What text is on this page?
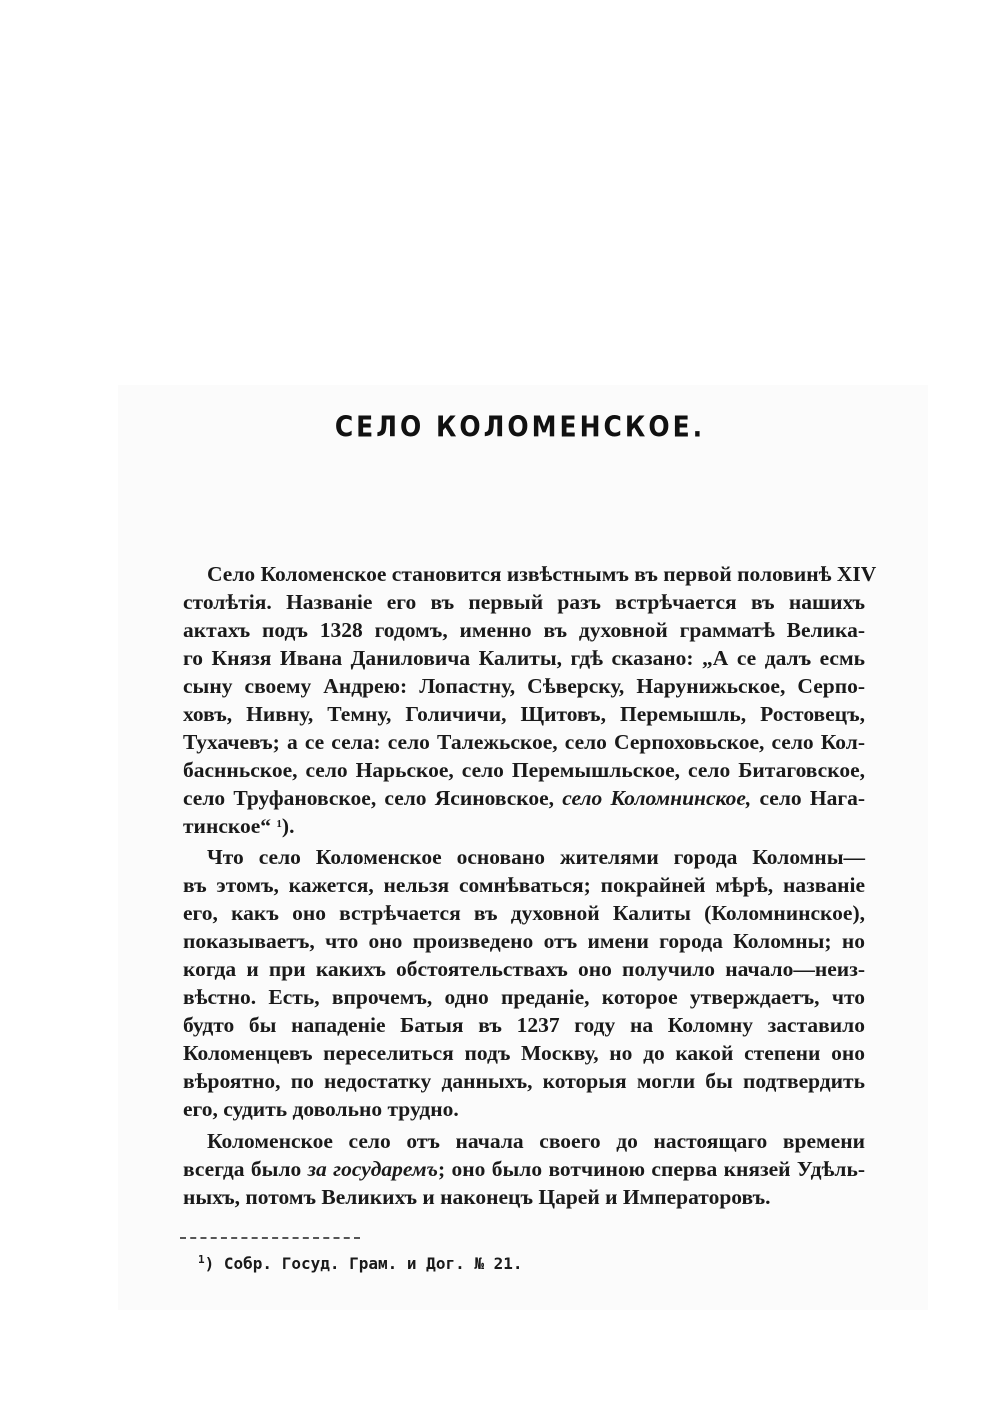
СЕЛО КОЛОМЕНСКОЕ.
Село Коломенское становится извѣстнымъ въ первой половинѣ XIV
столѣтія. Названіе его въ первый разъ встрѣчается въ нашихъ
актахъ подъ 1328 годомъ, именно въ духовной грамматѣ Велика-
го Князя Ивана Даниловича Калиты, гдѣ сказано: „А се далъ есмь
сыну своему Андрею: Лопастну, Сѣверску, Нарунижьское, Серпо-
ховъ, Нивну, Темну, Голичичи, Щитовъ, Перемышль, Ростовецъ,
Тухачевъ; а се села: село Талежьское, село Серпоховьское, село Кол-
баснньское, село Нарьское, село Перемышльское, село Битаговское,
село Труфановское, село Ясиновское, село Коломнинское, село Нага-
тинское“ $^1$).
Что село Коломенское основано жителями города Коломны—
въ этомъ, кажется, нельзя сомнѣваться; покрайней мѣрѣ, названіе
его, какъ оно встрѣчается въ духовной Калиты (Коломнинское),
показываетъ, что оно произведено отъ имени города Коломны; но
когда и при какихъ обстоятельствахъ оно получило начало—неиз-
вѣстно. Есть, впрочемъ, одно преданіе, которое утверждаетъ, что
будто бы нападеніе Батыя въ 1237 году на Коломну заставило
Коломенцевъ переселиться подъ Москву, но до какой степени оно
вѣроятно, по недостатку данныхъ, которыя могли бы подтвердить
его, судить довольно трудно.
Коломенское село отъ начала своего до настоящаго времени
всегда было за государемъ; оно было вотчиною сперва князей Удѣль-
ныхъ, потомъ Великихъ и наконецъ Царей и Императоровъ.
$^1$) Собр. Госуд. Грам. и Дог. № 21.
